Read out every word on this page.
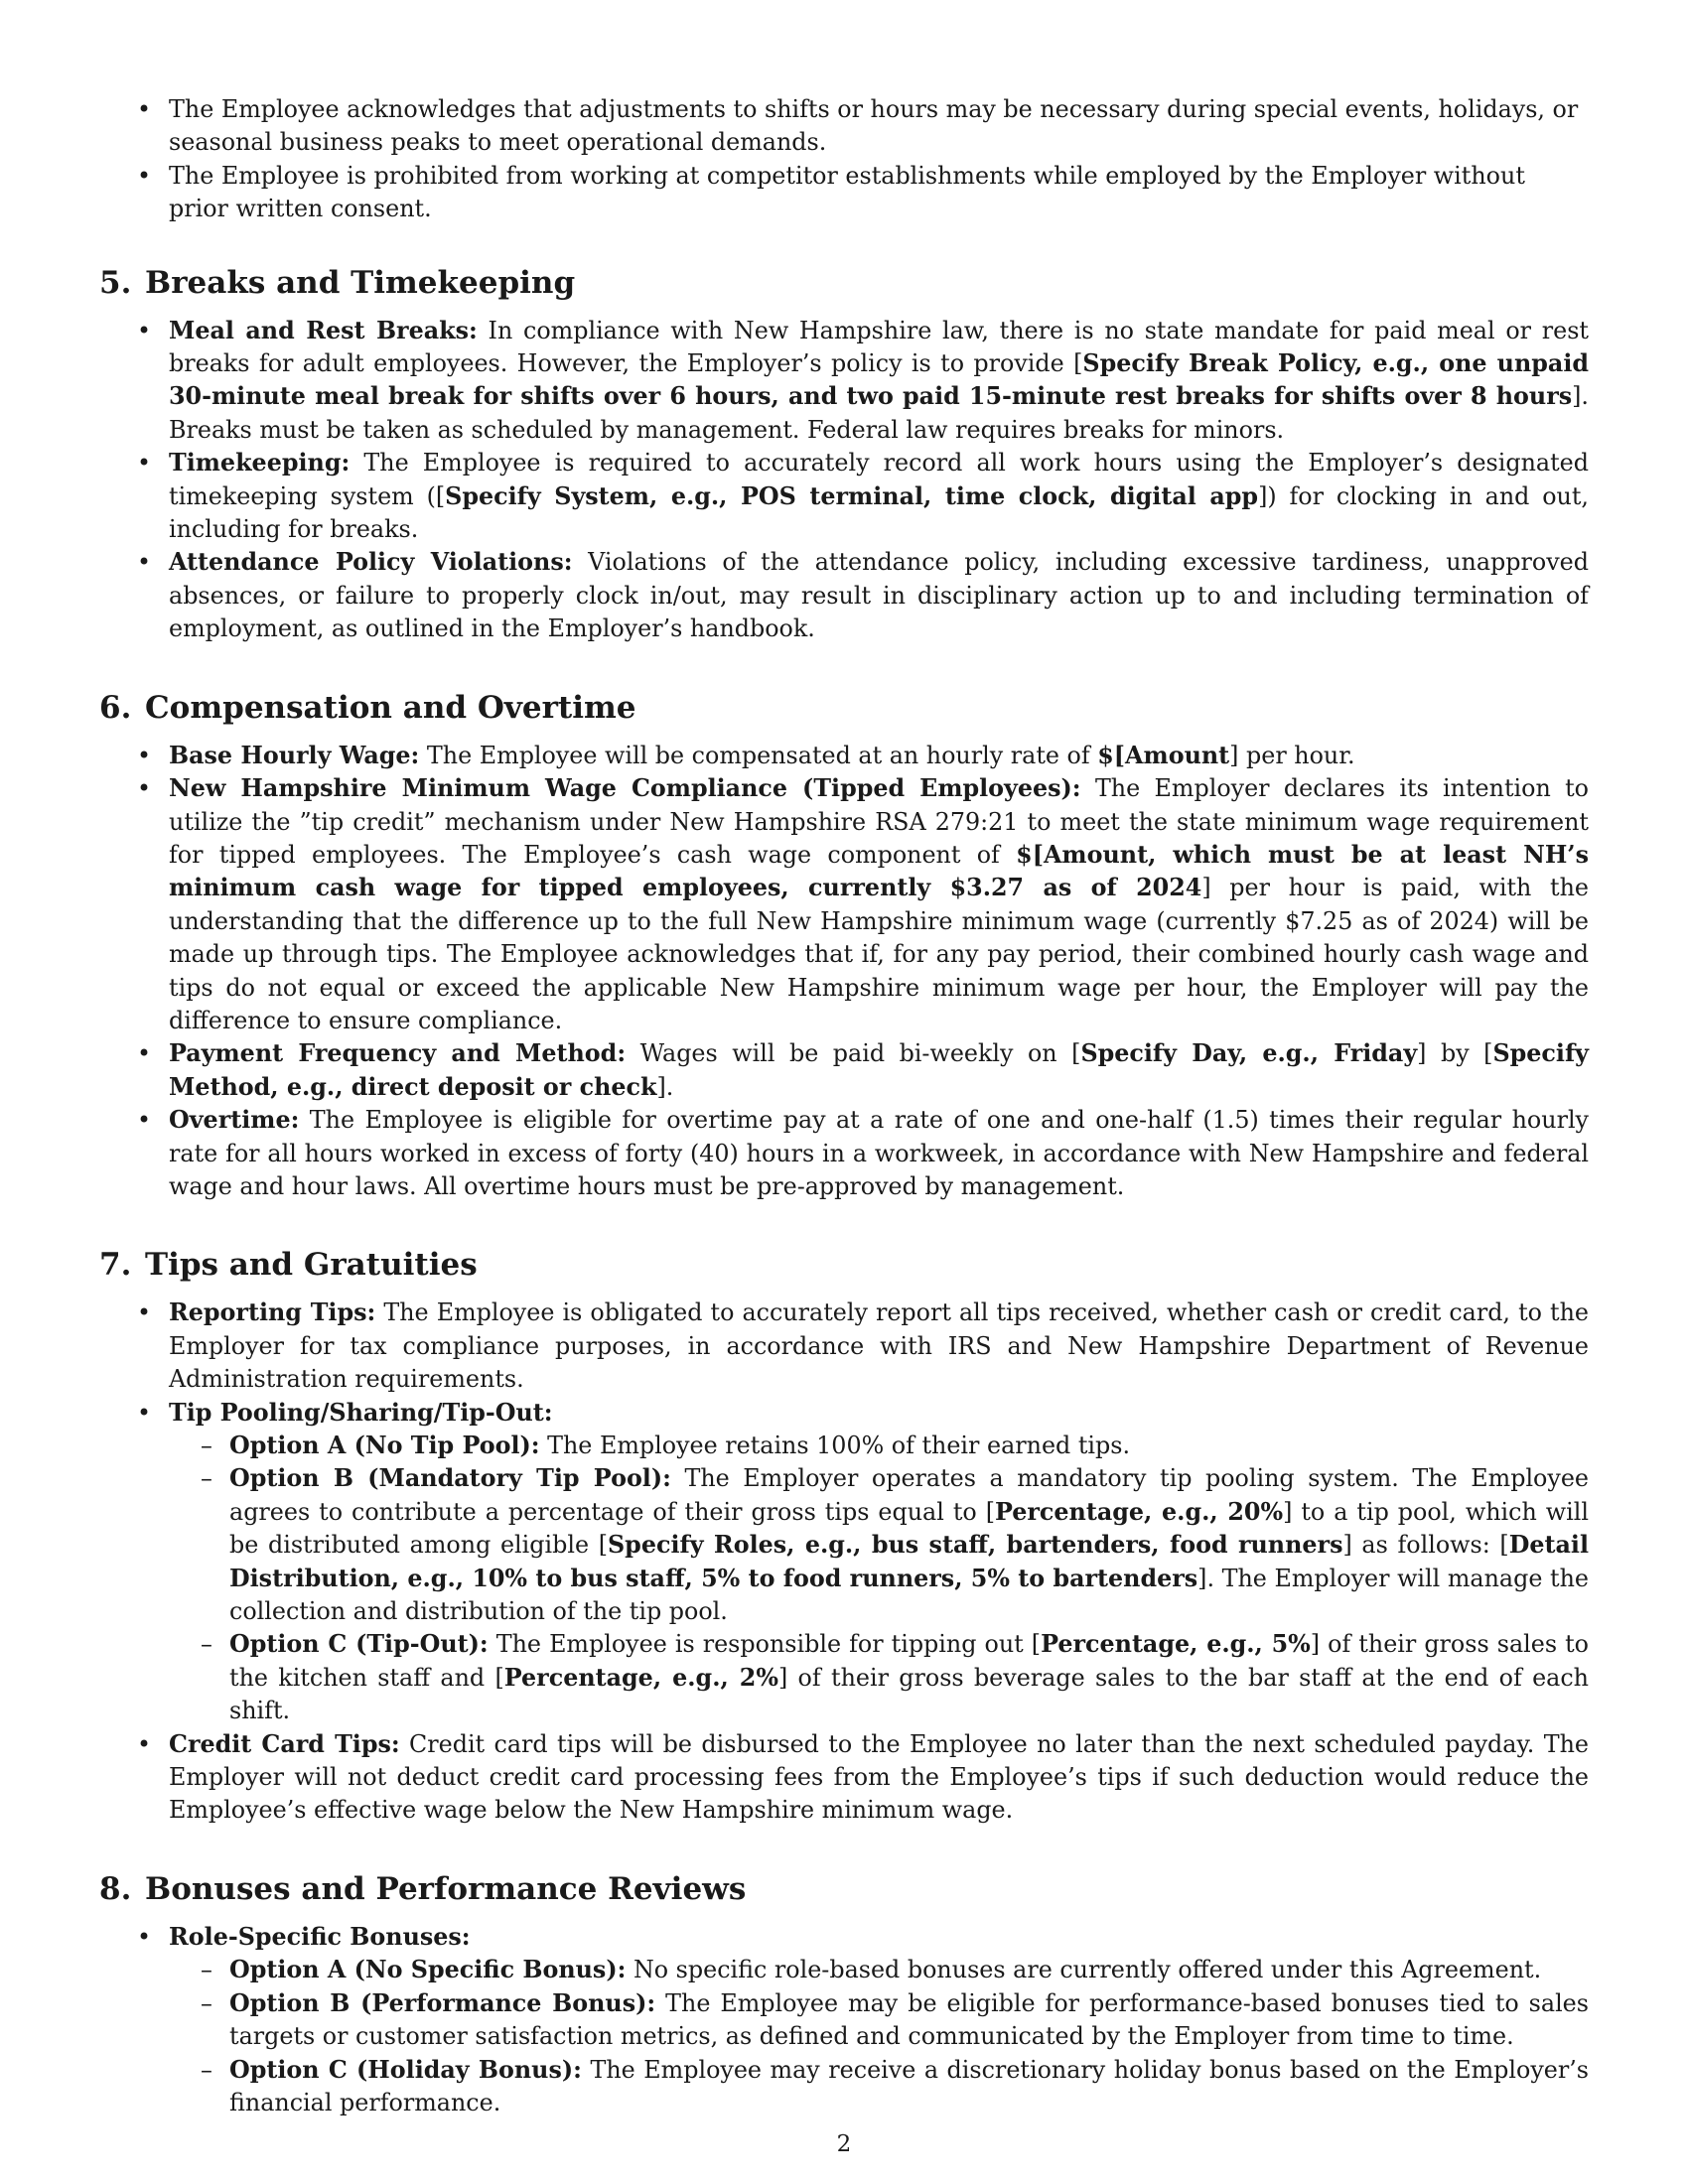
• The Employee acknowledges that adjustments to shifts or hours may be necessary during special events, holidays, or seasonal business peaks to meet operational demands.
• The Employee is prohibited from working at competitor establishments while employed by the Employer without prior written consent.
5. Breaks and Timekeeping
• Meal and Rest Breaks: In compliance with New Hampshire law, there is no state mandate for paid meal or rest breaks for adult employees. However, the Employer’s policy is to provide [Specify Break Policy, e.g., one unpaid 30-minute meal break for shifts over 6 hours, and two paid 15-minute rest breaks for shifts over 8 hours]. Breaks must be taken as scheduled by management. Federal law requires breaks for minors.
• Timekeeping: The Employee is required to accurately record all work hours using the Employer’s designated timekeeping system ([Specify System, e.g., POS terminal, time clock, digital app]) for clocking in and out, including for breaks.
• Attendance Policy Violations: Violations of the attendance policy, including excessive tardiness, unapproved absences, or failure to properly clock in/out, may result in disciplinary action up to and including termination of employment, as outlined in the Employer’s handbook.
6. Compensation and Overtime
• Base Hourly Wage: The Employee will be compensated at an hourly rate of $[Amount] per hour.
• New Hampshire Minimum Wage Compliance (Tipped Employees): The Employer declares its intention to utilize the ”tip credit” mechanism under New Hampshire RSA 279:21 to meet the state minimum wage requirement for tipped employees. The Employee’s cash wage component of $[Amount, which must be at least NH’s minimum cash wage for tipped employees, currently $3.27 as of 2024] per hour is paid, with the understanding that the difference up to the full New Hampshire minimum wage (currently $7.25 as of 2024) will be made up through tips. The Employee acknowledges that if, for any pay period, their combined hourly cash wage and tips do not equal or exceed the applicable New Hampshire minimum wage per hour, the Employer will pay the difference to ensure compliance.
• Payment Frequency and Method: Wages will be paid bi-weekly on [Specify Day, e.g., Friday] by [Specify Method, e.g., direct deposit or check].
• Overtime: The Employee is eligible for overtime pay at a rate of one and one-half (1.5) times their regular hourly rate for all hours worked in excess of forty (40) hours in a workweek, in accordance with New Hampshire and federal wage and hour laws. All overtime hours must be pre-approved by management.
7. Tips and Gratuities
• Reporting Tips: The Employee is obligated to accurately report all tips received, whether cash or credit card, to the Employer for tax compliance purposes, in accordance with IRS and New Hampshire Department of Revenue Administration requirements.
• Tip Pooling/Sharing/Tip-Out:
– Option A (No Tip Pool): The Employee retains 100% of their earned tips.
– Option B (Mandatory Tip Pool): The Employer operates a mandatory tip pooling system. The Employee agrees to contribute a percentage of their gross tips equal to [Percentage, e.g., 20%] to a tip pool, which will be distributed among eligible [Specify Roles, e.g., bus staff, bartenders, food runners] as follows: [Detail Distribution, e.g., 10% to bus staff, 5% to food runners, 5% to bartenders]. The Employer will manage the collection and distribution of the tip pool.
– Option C (Tip-Out): The Employee is responsible for tipping out [Percentage, e.g., 5%] of their gross sales to the kitchen staff and [Percentage, e.g., 2%] of their gross beverage sales to the bar staff at the end of each shift.
• Credit Card Tips: Credit card tips will be disbursed to the Employee no later than the next scheduled payday. The Employer will not deduct credit card processing fees from the Employee’s tips if such deduction would reduce the Employee’s effective wage below the New Hampshire minimum wage.
8. Bonuses and Performance Reviews
• Role-Specific Bonuses:
– Option A (No Specific Bonus): No specific role-based bonuses are currently offered under this Agreement.
– Option B (Performance Bonus): The Employee may be eligible for performance-based bonuses tied to sales targets or customer satisfaction metrics, as defined and communicated by the Employer from time to time.
– Option C (Holiday Bonus): The Employee may receive a discretionary holiday bonus based on the Employer’s financial performance.
2
